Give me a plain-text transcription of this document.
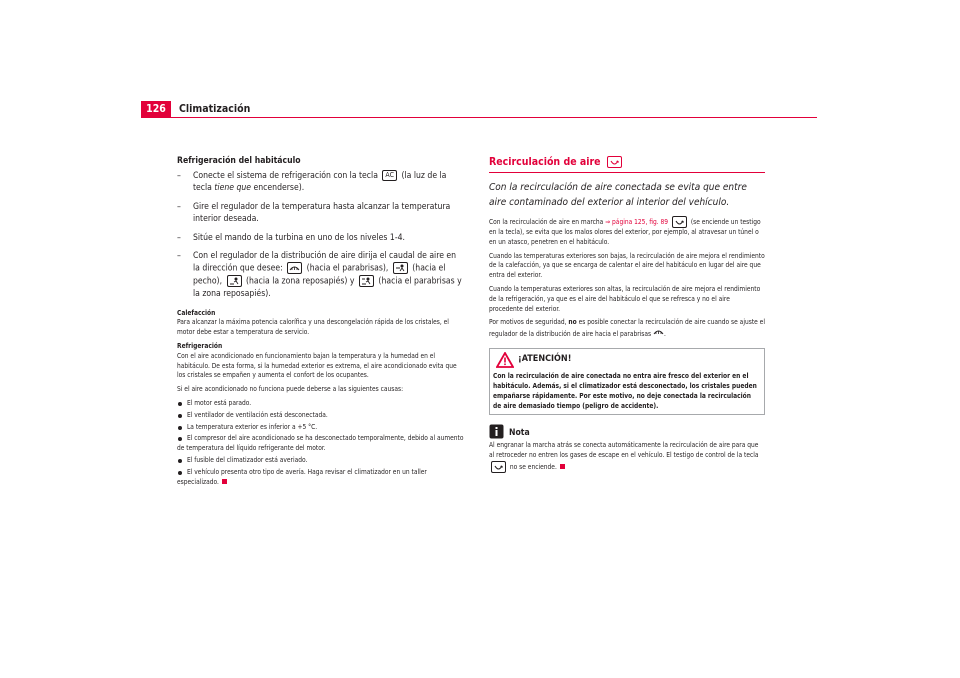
126	Climatización
Refrigeración del habitáculo
– Conecte el sistema de refrigeración con la tecla AC (la luz de la tecla tiene que encenderse).
– Gire el regulador de la temperatura hasta alcanzar la temperatura interior deseada.
– Sitúe el mando de la turbina en uno de los niveles 1-4.
– Con el regulador de la distribución de aire dirija el caudal de aire en la dirección que desee:	(hacia el parabrisas),	(hacia el pecho),	(hacia la zona reposapiés) y	(hacia el parabrisas y la zona reposapiés).
Calefacción

Para alcanzar la máxima potencia calorífica y una descongelación rápida de los cristales, el motor debe estar a temperatura de servicio.

Refrigeración

Con el aire acondicionado en funcionamiento bajan la temperatura y la humedad en el habitáculo. De esta forma, si la humedad exterior es extrema, el aire acondicionado evita que los cristales se empañen y aumenta el confort de los ocupantes.

Si el aire acondicionado no funciona puede deberse a las siguientes causas:

El motor está parado.
El ventilador de ventilación está desconectada.
La temperatura exterior es inferior a +5 °C.
El compresor del aire acondicionado se ha desconectado temporalmente, debido al aumento de temperatura del líquido refrigerante del motor.
El fusible del climatizador está averiado.
El vehículo presenta otro tipo de avería. Haga revisar el climatizador en un taller especializado.
Recirculación de aire

Con la recirculación de aire conectada se evita que entre aire contaminado del exterior al interior del vehículo.

Con la recirculación de aire en marcha ⇒ página 125, fig. 89	(se enciende un testigo en la tecla), se evita que los malos olores del exterior, por ejemplo, al atravesar un túnel o en un atasco, penetren en el habitáculo.

Cuando las temperaturas exteriores son bajas, la recirculación de aire mejora el rendimiento de la calefacción, ya que se encarga de calentar el aire del habitáculo en lugar del aire que entra del exterior.

Cuando la temperaturas exteriores son altas, la recirculación de aire mejora el rendimiento de la refrigeración, ya que es el aire del habitáculo el que se refresca y no el aire procedente del exterior.

Por motivos de seguridad, no es posible conectar la recirculación de aire cuando se ajuste el regulador de la distribución de aire hacia el parabrisas .

¡ATENCIÓN!
Con la recirculación de aire conectada no entra aire fresco del exterior en el habitáculo. Además, si el climatizador está desconectado, los cristales pueden empañarse rápidamente. Por este motivo, no deje conectada la recirculación de aire demasiado tiempo (peligro de accidente).
Nota

Al engranar la marcha atrás se conecta automáticamente la recirculación de aire para que al retroceder no entren los gases de escape en el vehículo. El testigo de control de la tecla
no se enciende.
